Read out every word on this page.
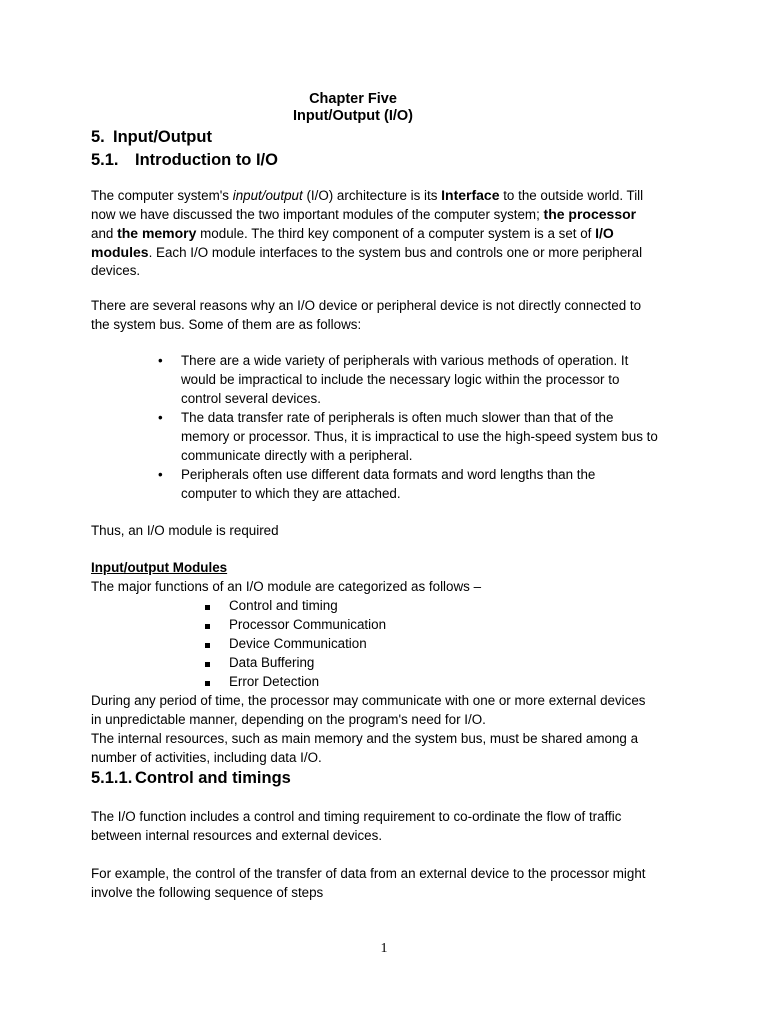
Chapter Five
Input/Output (I/O)
5. Input/Output
5.1. Introduction to I/O
The computer system's input/output (I/O) architecture is its Interface to the outside world. Till
now we have discussed the two important modules of the computer system; the processor
and the memory module. The third key component of a computer system is a set of I/O
modules. Each I/O module interfaces to the system bus and controls one or more peripheral
devices.
There are several reasons why an I/O device or peripheral device is not directly connected to
the system bus. Some of them are as follows:
• There are a wide variety of peripherals with various methods of operation. It
would be impractical to include the necessary logic within the processor to
control several devices.
• The data transfer rate of peripherals is often much slower than that of the
memory or processor. Thus, it is impractical to use the high-speed system bus to
communicate directly with a peripheral.
• Peripherals often use different data formats and word lengths than the
computer to which they are attached.
Thus, an I/O module is required
Input/output Modules
The major functions of an I/O module are categorized as follows –
Control and timing
Processor Communication
Device Communication
Data Buffering
Error Detection
During any period of time, the processor may communicate with one or more external devices
in unpredictable manner, depending on the program's need for I/O.
The internal resources, such as main memory and the system bus, must be shared among a
number of activities, including data I/O.
5.1.1. Control and timings
The I/O function includes a control and timing requirement to co-ordinate the flow of traffic
between internal resources and external devices.
For example, the control of the transfer of data from an external device to the processor might
involve the following sequence of steps
1
